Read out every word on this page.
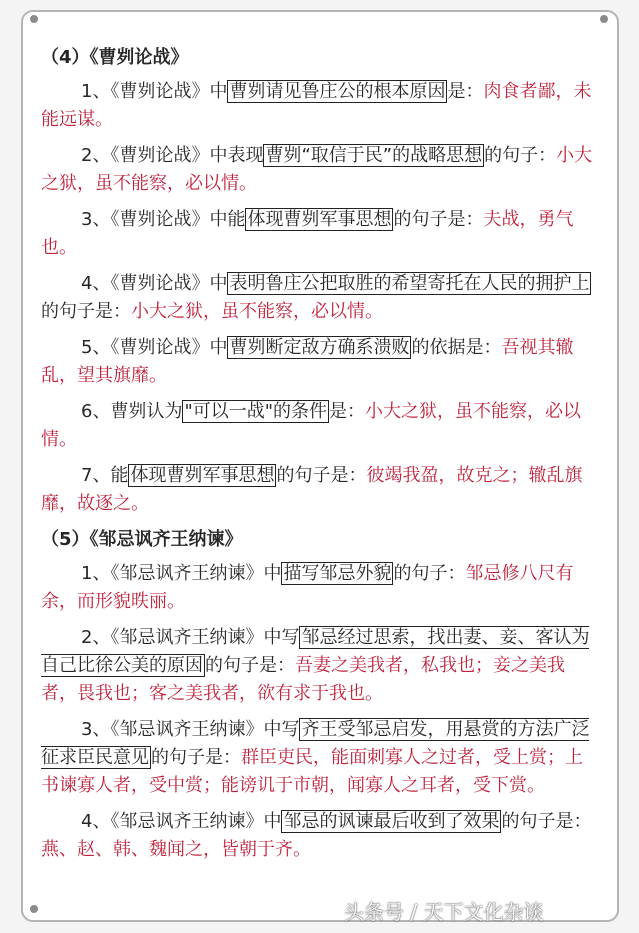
（4）《曹刿论战》

1、《曹刿论战》中 曹刿请见鲁庄公的根本原因 是：肉食者鄙，未能远谋。

2、《曹刿论战》中表现 曹刿“取信于民”的战略思想 的句子：小大之狱，虽不能察，必以情。

3、《曹刿论战》中能 体现曹刿军事思想 的句子是：夫战，勇气也。

4、《曹刿论战》中 表明鲁庄公把取胜的希望寄托在人民的拥护上的句子是：小大之狱，虽不能察，必以情。

5、《曹刿论战》中 曹刿断定敌方确系溃败 的依据是：吾视其辙乱，望其旗靡。

6、曹刿认为 "可以一战"的条件 是：小大之狱，虽不能察，必以情。

7、能 体现曹刿军事思想 的句子是：彼竭我盈，故克之；辙乱旗靡，故逐之。

（5）《邹忌讽齐王纳谏》

1、《邹忌讽齐王纳谏》中 描写邹忌外貌 的句子：邹忌修八尺有余，而形貌昳丽。

2、《邹忌讽齐王纳谏》中写 邹忌经过思索，找出妻、妾、客认为自己比徐公美的原因 的句子是：吾妻之美我者，私我也；妾之美我者，畏我也；客之美我者，欲有求于我也。

3、《邹忌讽齐王纳谏》中写 齐王受邹忌启发，用悬赏的方法广泛征求臣民意见 的句子是：群臣吏民，能面刺寡人之过者，受上赏；上书谏寡人者，受中赏；能谤讥于市朝，闻寡人之耳者，受下赏。

4、《邹忌讽齐王纳谏》中 邹忌的讽谏最后收到了效果 的句子是：燕、赵、韩、魏闻之，皆朝于齐。

头条号 / 天下文化杂谈
